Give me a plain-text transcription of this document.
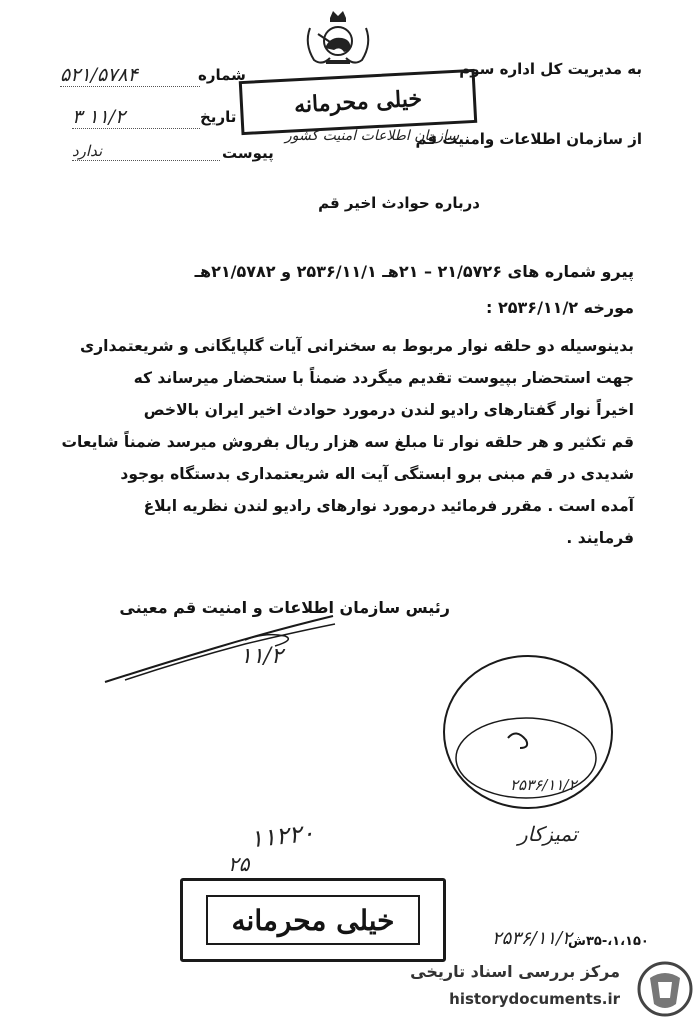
به مدیریت کل اداره سوم
شماره
۵۲۱/۵۷۸۴
تاریخ
۳ ۱۱/۲
از سازمان اطلاعات وامنیت قم
پیوست
ندارد
خیلی محرمانه
سازمان اطلاعات امنیت کشور
درباره حوادث اخیر قم
پیرو شماره های ۲۱/۵۷۲۶ – ۲۱هـ ۲۵۳۶/۱۱/۱ و ۲۱/۵۷۸۲هـ
مورخه ۲۵۳۶/۱۱/۲ :
بدینوسیله دو حلقه نوار مربوط به سخنرانی آیات گلپایگانی و شریعتمداری
جهت استحضار بپیوست تقدیم میگردد ضمناً با ستحضار میرساند که
اخیراً نوار گفتارهای رادیو لندن درمورد حوادث اخیر ایران بالاخص
قم تکثیر و هر حلقه نوار تا مبلغ سه هزار ریال بفروش میرسد ضمناً شایعات
شدیدی در قم مبنی برو ابستگی آیت اله شریعتمداری بدستگاه بوجود
آمده است . مقرر فرمائید درمورد نوارهای رادیو لندن نظریه ابلاغ
فرمایند .
رئیس سازمان اطلاعات و امنیت قم معینی
۱۱/۲
۲۵۳۶/۱۱/۲
تمیزکار
۱۱۲۲۰
۲۵
خیلی محرمانه
۲۵۳۶/۱۱/۲
۱،۱۵۰،-۳۵ش
مرکز بررسی اسناد تاریخی
historydocuments.ir
